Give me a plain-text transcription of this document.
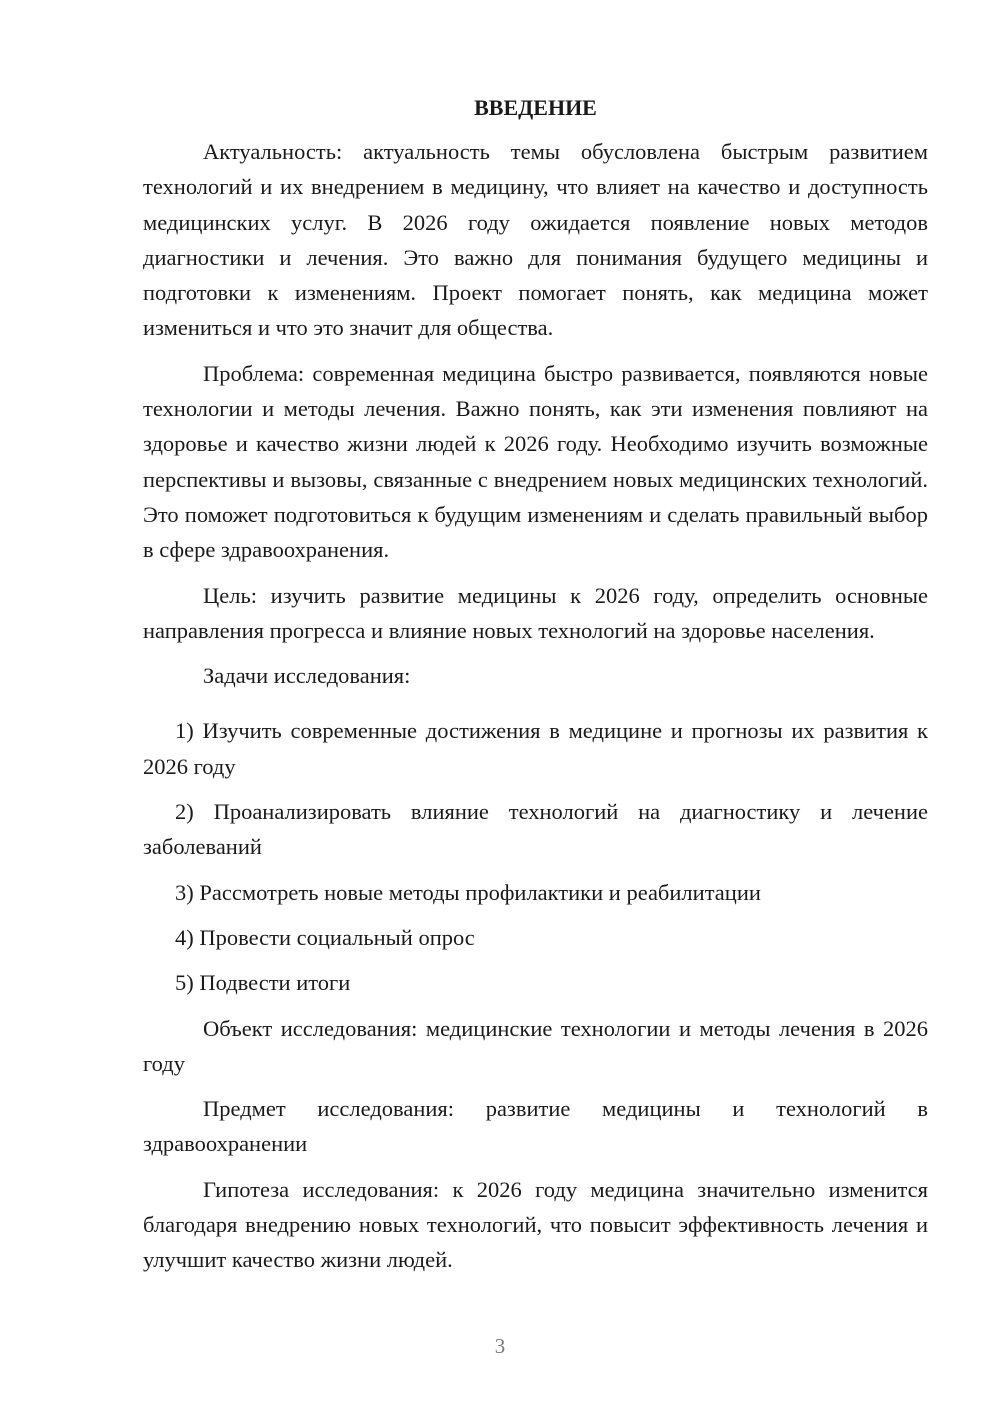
ВВЕДЕНИЕ

Актуальность: актуальность темы обусловлена быстрым развитием технологий и их внедрением в медицину, что влияет на качество и доступность медицинских услуг. В 2026 году ожидается появление новых методов диагностики и лечения. Это важно для понимания будущего медицины и подготовки к изменениям. Проект помогает понять, как медицина может измениться и что это значит для общества.

Проблема: современная медицина быстро развивается, появляются новые технологии и методы лечения. Важно понять, как эти изменения повлияют на здоровье и качество жизни людей к 2026 году. Необходимо изучить возможные перспективы и вызовы, связанные с внедрением новых медицинских технологий. Это поможет подготовиться к будущим изменениям и сделать правильный выбор в сфере здравоохранения.

Цель: изучить развитие медицины к 2026 году, определить основные направления прогресса и влияние новых технологий на здоровье населения.

Задачи исследования:

1) Изучить современные достижения в медицине и прогнозы их развития к 2026 году

2) Проанализировать влияние технологий на диагностику и лечение заболеваний

3) Рассмотреть новые методы профилактики и реабилитации

4) Провести социальный опрос

5) Подвести итоги

Объект исследования: медицинские технологии и методы лечения в 2026 году

Предмет исследования: развитие медицины и технологий в здравоохранении

Гипотеза исследования: к 2026 году медицина значительно изменится благодаря внедрению новых технологий, что повысит эффективность лечения и улучшит качество жизни людей.

3
